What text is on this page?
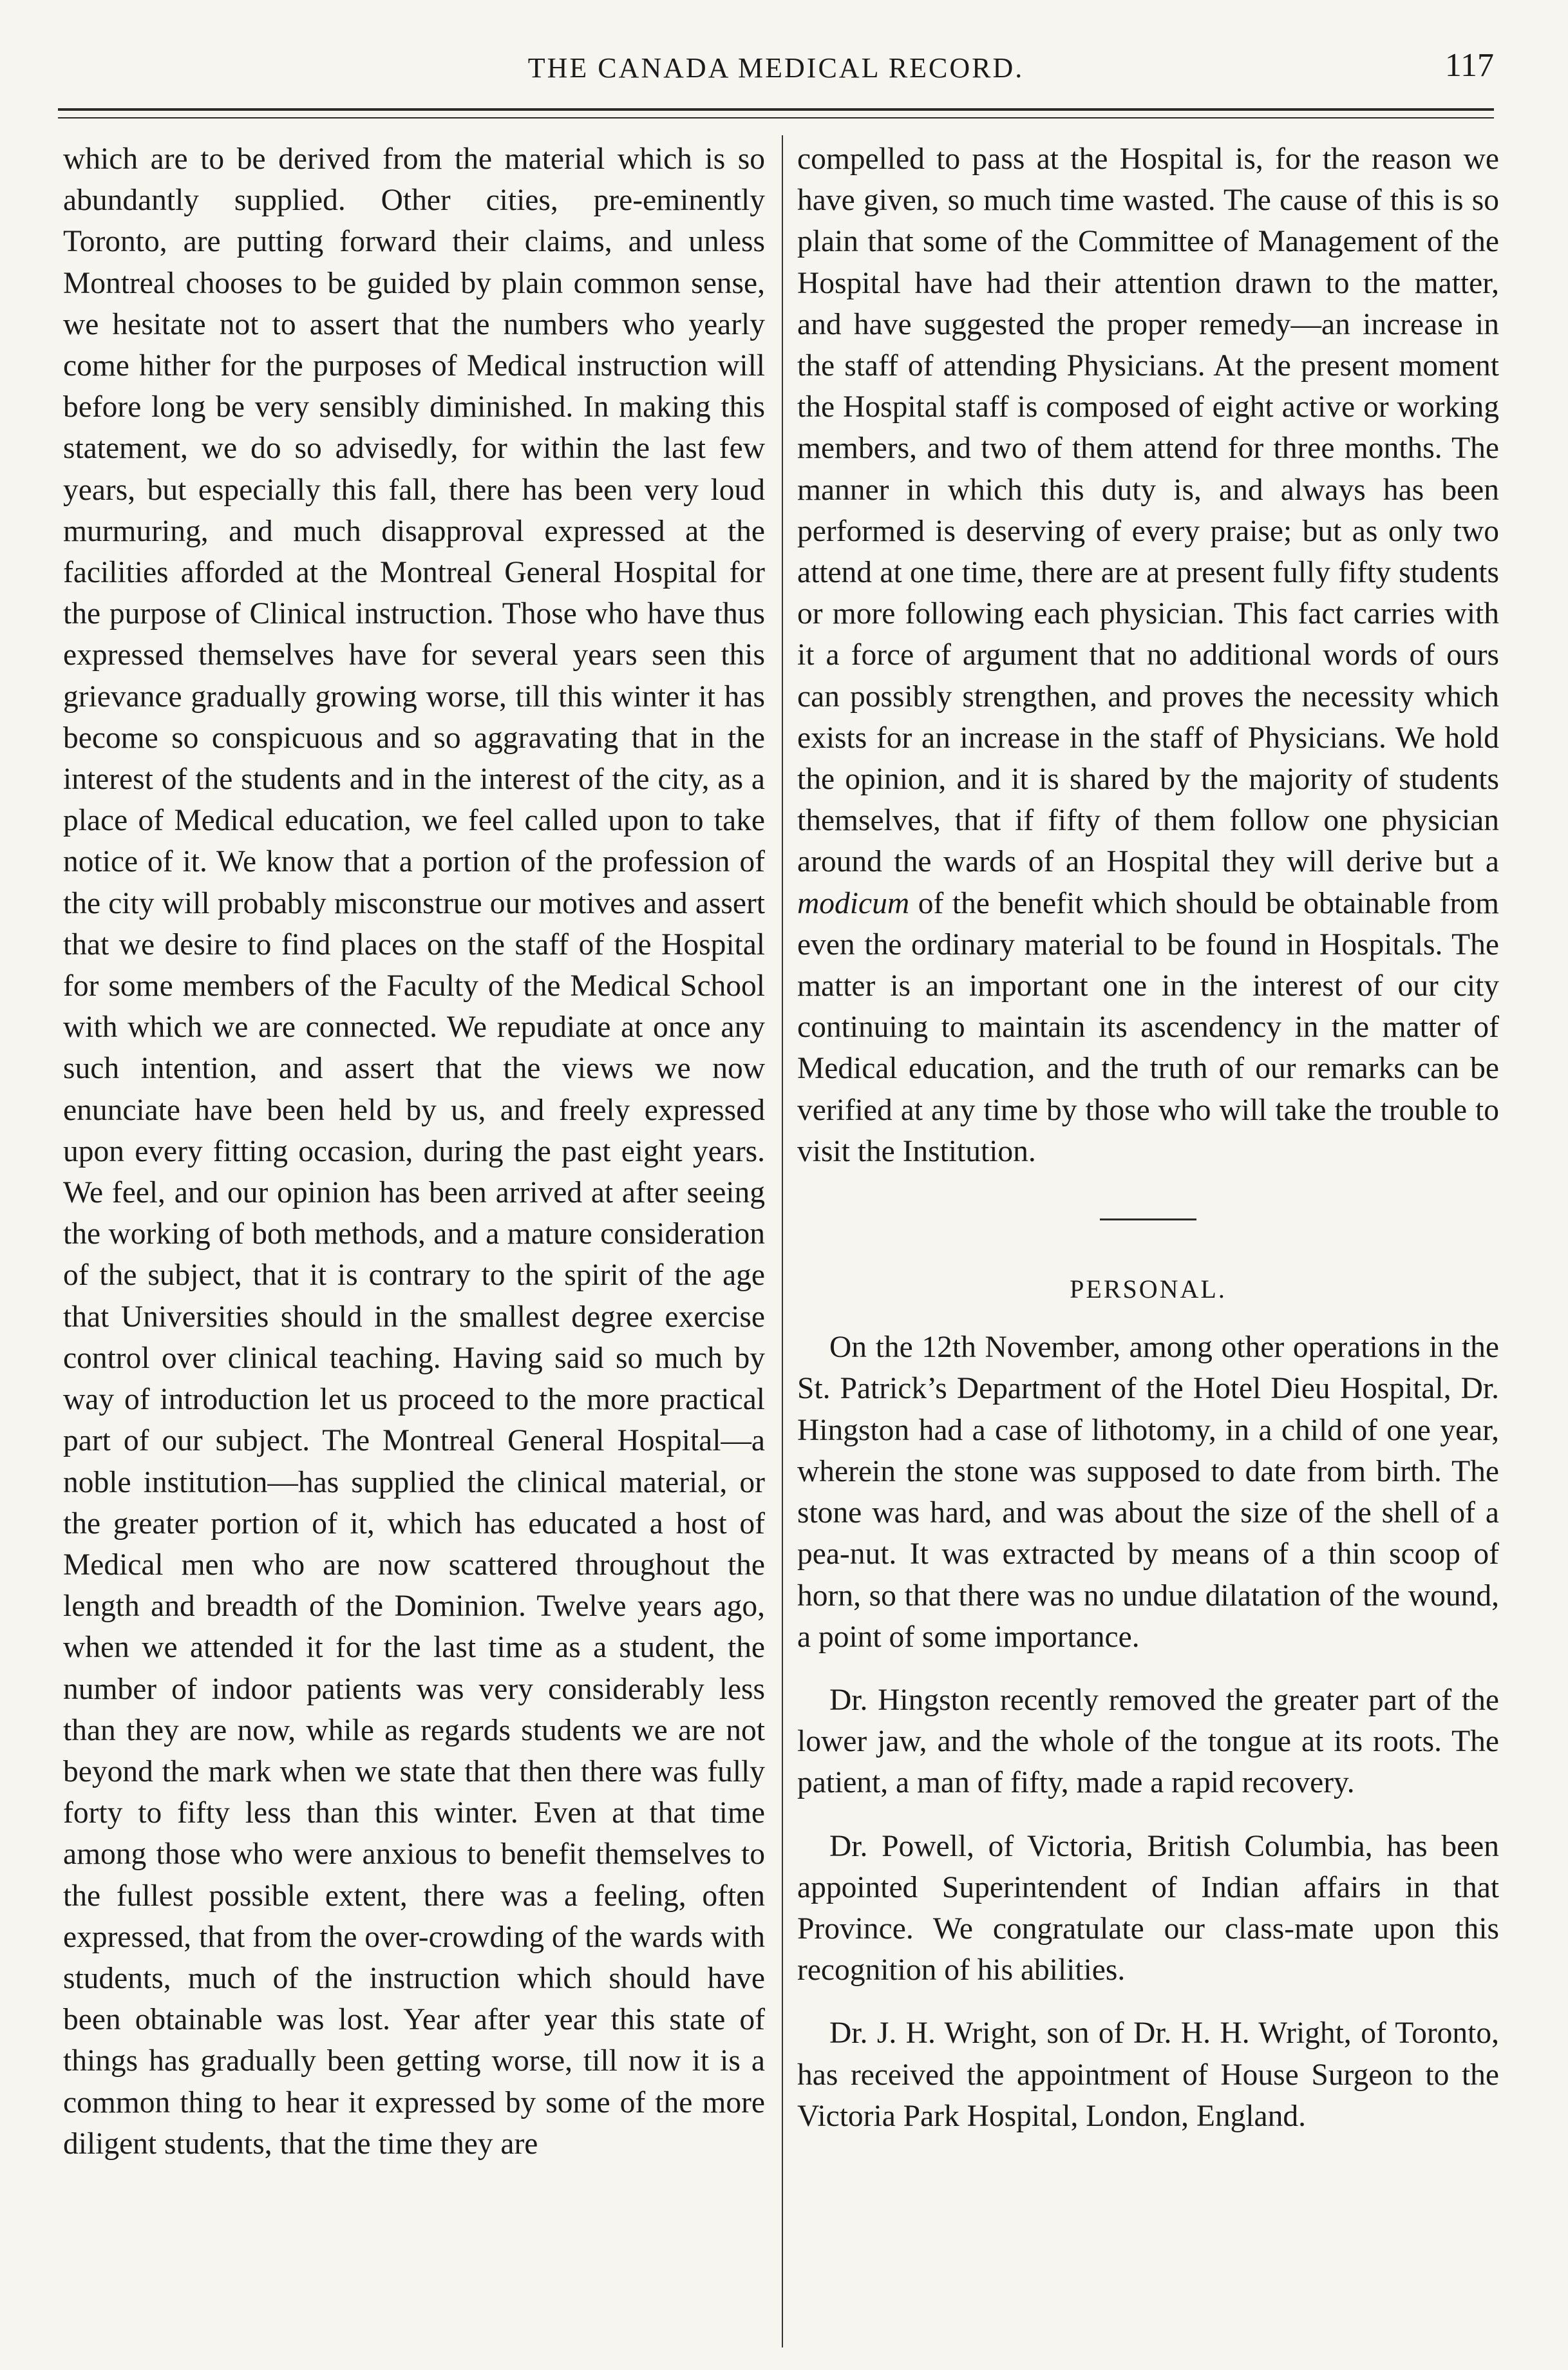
THE CANADA MEDICAL RECORD.	117

which are to be derived from the material which is so abundantly supplied. Other cities, pre-eminently Toronto, are putting forward their claims, and unless Montreal chooses to be guided by plain common sense, we hesitate not to assert that the numbers who yearly come hither for the purposes of Medical instruction will before long be very sensibly diminished. In making this statement, we do so advisedly, for within the last few years, but especially this fall, there has been very loud murmuring, and much disapproval expressed at the facilities afforded at the Montreal General Hospital for the purpose of Clinical instruction. Those who have thus expressed themselves have for several years seen this grievance gradually growing worse, till this winter it has become so conspicuous and so aggravating that in the interest of the students and in the interest of the city, as a place of Medical education, we feel called upon to take notice of it. We know that a portion of the profession of the city will probably misconstrue our motives and assert that we desire to find places on the staff of the Hospital for some members of the Faculty of the Medical School with which we are connected. We repudiate at once any such intention, and assert that the views we now enunciate have been held by us, and freely expressed upon every fitting occasion, during the past eight years. We feel, and our opinion has been arrived at after seeing the working of both methods, and a mature consideration of the subject, that it is contrary to the spirit of the age that Universities should in the smallest degree exercise control over clinical teaching. Having said so much by way of introduction let us proceed to the more practical part of our subject. The Montreal General Hospital—a noble institution—has supplied the clinical material, or the greater portion of it, which has educated a host of Medical men who are now scattered throughout the length and breadth of the Dominion. Twelve years ago, when we attended it for the last time as a student, the number of indoor patients was very considerably less than they are now, while as regards students we are not beyond the mark when we state that then there was fully forty to fifty less than this winter. Even at that time among those who were anxious to benefit themselves to the fullest possible extent, there was a feeling, often expressed, that from the over-crowding of the wards with students, much of the instruction which should have been obtainable was lost. Year after year this state of things has gradually been getting worse, till now it is a common thing to hear it expressed by some of the more diligent students, that the time they are

compelled to pass at the Hospital is, for the reason we have given, so much time wasted. The cause of this is so plain that some of the Committee of Management of the Hospital have had their attention drawn to the matter, and have suggested the proper remedy—an increase in the staff of attending Physicians. At the present moment the Hospital staff is composed of eight active or working members, and two of them attend for three months. The manner in which this duty is, and always has been performed is deserving of every praise; but as only two attend at one time, there are at present fully fifty students or more following each physician. This fact carries with it a force of argument that no additional words of ours can possibly strengthen, and proves the necessity which exists for an increase in the staff of Physicians. We hold the opinion, and it is shared by the majority of students themselves, that if fifty of them follow one physician around the wards of an Hospital they will derive but a modicum of the benefit which should be obtainable from even the ordinary material to be found in Hospitals. The matter is an important one in the interest of our city continuing to maintain its ascendency in the matter of Medical education, and the truth of our remarks can be verified at any time by those who will take the trouble to visit the Institution.

PERSONAL.

On the 12th November, among other operations in the St. Patrick’s Department of the Hotel Dieu Hospital, Dr. Hingston had a case of lithotomy, in a child of one year, wherein the stone was supposed to date from birth. The stone was hard, and was about the size of the shell of a pea-nut. It was extracted by means of a thin scoop of horn, so that there was no undue dilatation of the wound, a point of some importance.

Dr. Hingston recently removed the greater part of the lower jaw, and the whole of the tongue at its roots. The patient, a man of fifty, made a rapid recovery.

Dr. Powell, of Victoria, British Columbia, has been appointed Superintendent of Indian affairs in that Province. We congratulate our class-mate upon this recognition of his abilities.

Dr. J. H. Wright, son of Dr. H. H. Wright, of Toronto, has received the appointment of House Surgeon to the Victoria Park Hospital, London, England.
